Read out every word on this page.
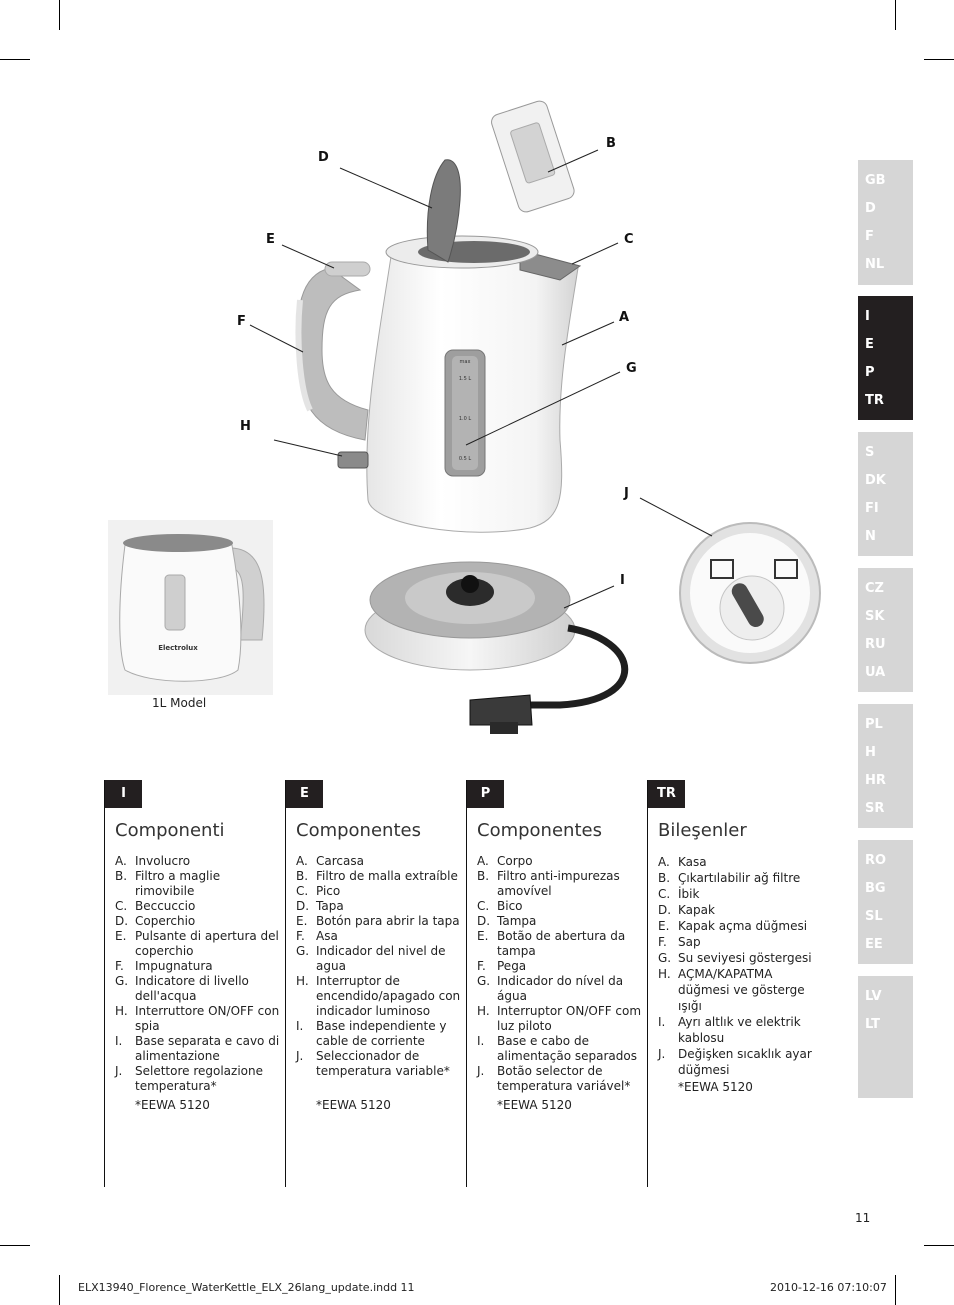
GB
D
F
NL
I
E
P
TR
S
DK
FI
N
CZ
SK
RU
UA
PL
H
HR
SR
RO
BG
SL
EE
LV
LT
max
1.5 L
1.0 L
0.5 L
Electrolux
D
B
E	C
F	A
G
H
J
I
1L Model
I
Componenti
A. Involucro
B. Filtro a maglie rimovibile
C. Beccuccio
D. Coperchio
E. Pulsante di apertura del coperchio
F. Impugnatura
G. Indicatore di livello dell'acqua
H. Interruttore ON/OFF con spia
I. Base separata e cavo di alimentazione
J. Selettore regolazione temperatura*
*EEWA 5120
E
Componentes
A. Carcasa
B. Filtro de malla extraíble
C. Pico
D. Tapa
E. Botón para abrir la tapa
F. Asa
G. Indicador del nivel de agua
H. Interruptor de encendido/apagado con indicador luminoso
I. Base independiente y cable de corriente
J. Seleccionador de temperatura variable*
*EEWA 5120
P
Componentes
A. Corpo
B. Filtro anti-impurezas amovível
C. Bico
D. Tampa
E. Botão de abertura da tampa
F. Pega
G. Indicador do nível da água
H. Interruptor ON/OFF com luz piloto
I. Base e cabo de alimentação separados
J. Botão selector de temperatura variável*
*EEWA 5120
TR
Bileşenler
A. Kasa
B. Çıkartılabilir ağ filtre
C. İbik
D. Kapak
E. Kapak açma düğmesi
F. Sap
G. Su seviyesi göstergesi
H. AÇMA/KAPATMA düğmesi ve gösterge ışığı
I. Ayrı altlık ve elektrik kablosu
J. Değişken sıcaklık ayar düğmesi
*EEWA 5120
11
ELX13940_Florence_WaterKettle_ELX_26lang_update.indd 11	2010-12-16 07:10:07
